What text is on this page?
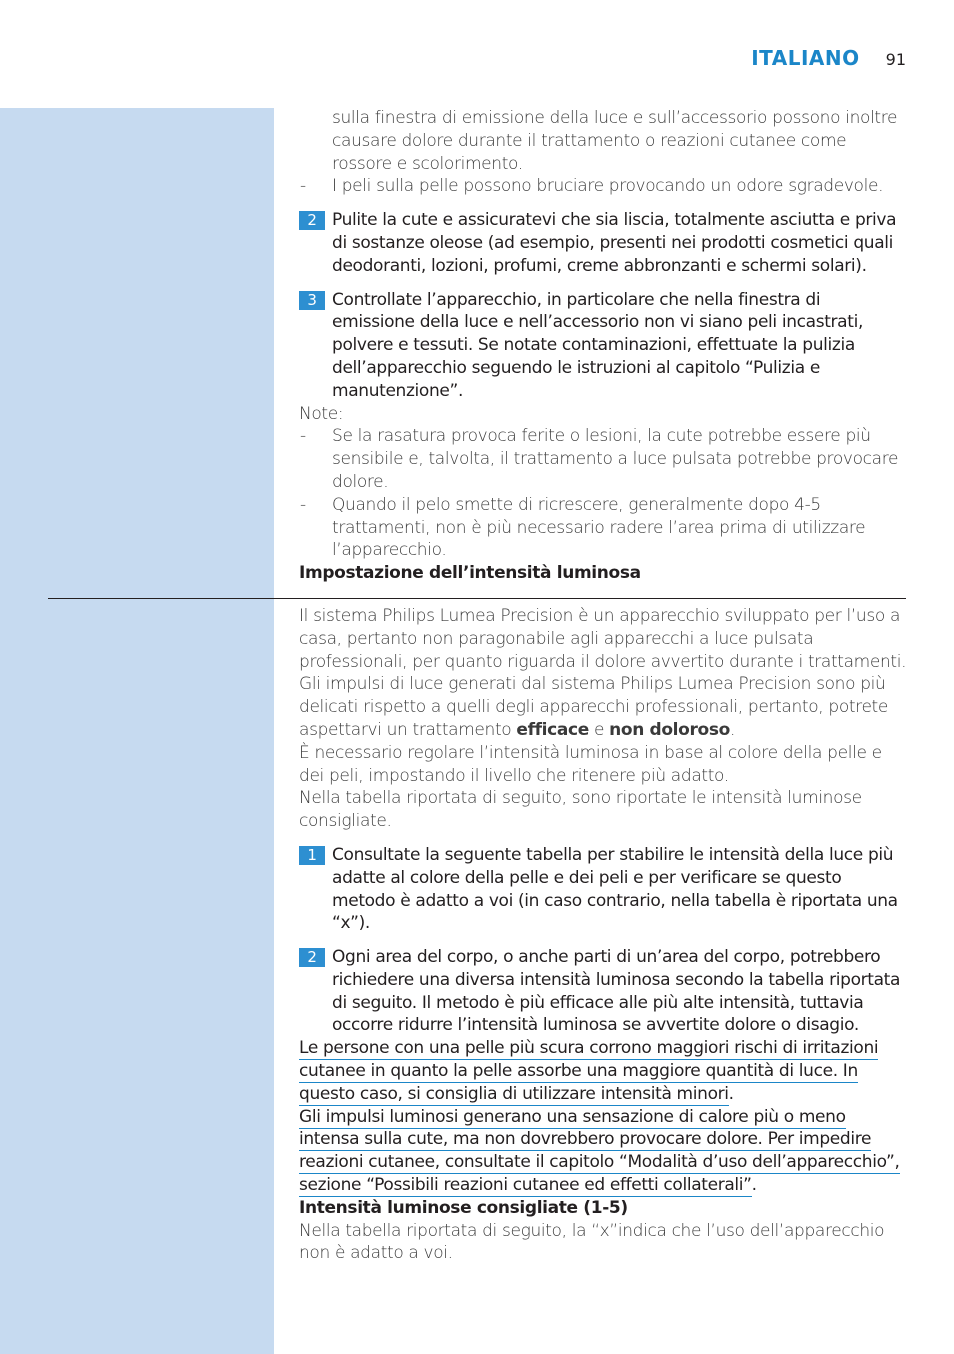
ITALIANO 91

sulla finestra di emissione della luce e sull’accessorio possono inoltre causare dolore durante il trattamento o reazioni cutanee come rossore e scolorimento.

- I peli sulla pelle possono bruciare provocando un odore sgradevole.

2 Pulite la cute e assicuratevi che sia liscia, totalmente asciutta e priva di sostanze oleose (ad esempio, presenti nei prodotti cosmetici quali deodoranti, lozioni, profumi, creme abbronzanti e schermi solari).
3 Controllate l’apparecchio, in particolare che nella finestra di emissione della luce e nell’accessorio non vi siano peli incastrati, polvere e tessuti. Se notate contaminazioni, effettuate la pulizia dell’apparecchio seguendo le istruzioni al capitolo “Pulizia e manutenzione”.

Note:

- Se la rasatura provoca ferite o lesioni, la cute potrebbe essere più sensibile e, talvolta, il trattamento a luce pulsata potrebbe provocare dolore.

- Quando il pelo smette di ricrescere, generalmente dopo 4-5 trattamenti, non è più necessario radere l’area prima di utilizzare l’apparecchio.

Impostazione dell’intensità luminosa

Il sistema Philips Lumea Precision è un apparecchio sviluppato per l’uso a casa, pertanto non paragonabile agli apparecchi a luce pulsata professionali, per quanto riguarda il dolore avvertito durante i trattamenti. Gli impulsi di luce generati dal sistema Philips Lumea Precision sono più delicati rispetto a quelli degli apparecchi professionali, pertanto, potrete aspettarvi un trattamento efficace e non doloroso.

È necessario regolare l’intensità luminosa in base al colore della pelle e dei peli, impostando il livello che ritenere più adatto.

Nella tabella riportata di seguito, sono riportate le intensità luminose consigliate.

1 Consultate la seguente tabella per stabilire le intensità della luce più adatte al colore della pelle e dei peli e per verificare se questo metodo è adatto a voi (in caso contrario, nella tabella è riportata una “x”).
2 Ogni area del corpo, o anche parti di un’area del corpo, potrebbero richiedere una diversa intensità luminosa secondo la tabella riportata di seguito. Il metodo è più efficace alle più alte intensità, tuttavia occorre ridurre l’intensità luminosa se avvertite dolore o disagio.

Le persone con una pelle più scura corrono maggiori rischi di irritazioni cutanee in quanto la pelle assorbe una maggiore quantità di luce. In questo caso, si consiglia di utilizzare intensità minori.

Gli impulsi luminosi generano una sensazione di calore più o meno intensa sulla cute, ma non dovrebbero provocare dolore. Per impedire reazioni cutanee, consultate il capitolo “Modalità d’uso dell’apparecchio”, sezione “Possibili reazioni cutanee ed effetti collaterali”.

Intensità luminose consigliate (1-5)

Nella tabella riportata di seguito, la “x”indica che l’uso dell’apparecchio non è adatto a voi.
